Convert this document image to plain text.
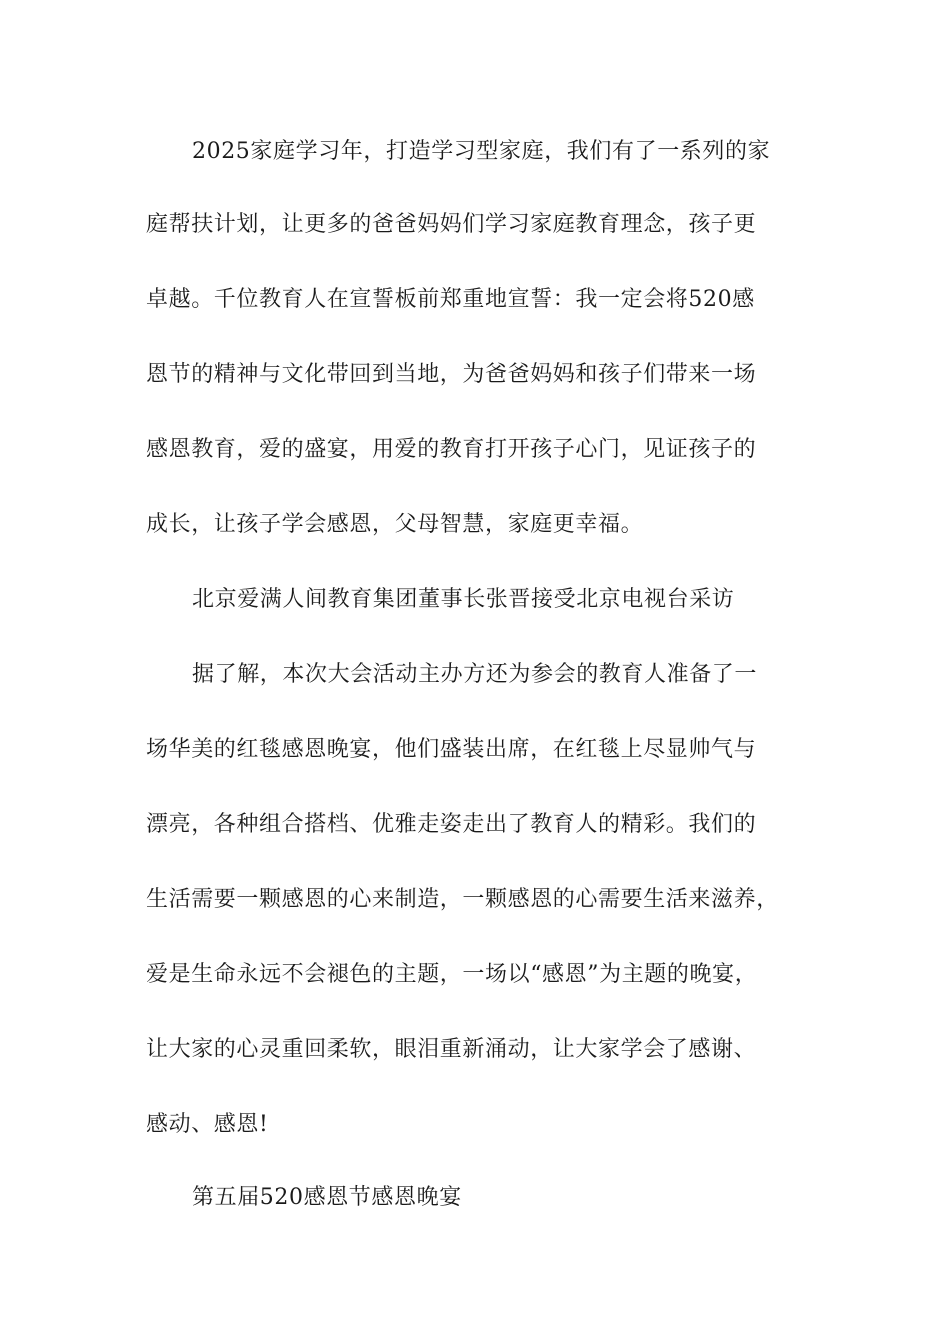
2025家庭学习年，打造学习型家庭，我们有了一系列的家
庭帮扶计划，让更多的爸爸妈妈们学习家庭教育理念，孩子更
卓越。千位教育人在宣誓板前郑重地宣誓：我一定会将520感
恩节的精神与文化带回到当地，为爸爸妈妈和孩子们带来一场
感恩教育，爱的盛宴，用爱的教育打开孩子心门，见证孩子的
成长，让孩子学会感恩，父母智慧，家庭更幸福。
北京爱满人间教育集团董事长张晋接受北京电视台采访
据了解，本次大会活动主办方还为参会的教育人准备了一
场华美的红毯感恩晚宴，他们盛装出席，在红毯上尽显帅气与
漂亮，各种组合搭档、优雅走姿走出了教育人的精彩。我们的
生活需要一颗感恩的心来制造，一颗感恩的心需要生活来滋养，
爱是生命永远不会褪色的主题，一场以“感恩”为主题的晚宴，
让大家的心灵重回柔软，眼泪重新涌动，让大家学会了感谢、
感动、感恩!
第五届520感恩节感恩晚宴
